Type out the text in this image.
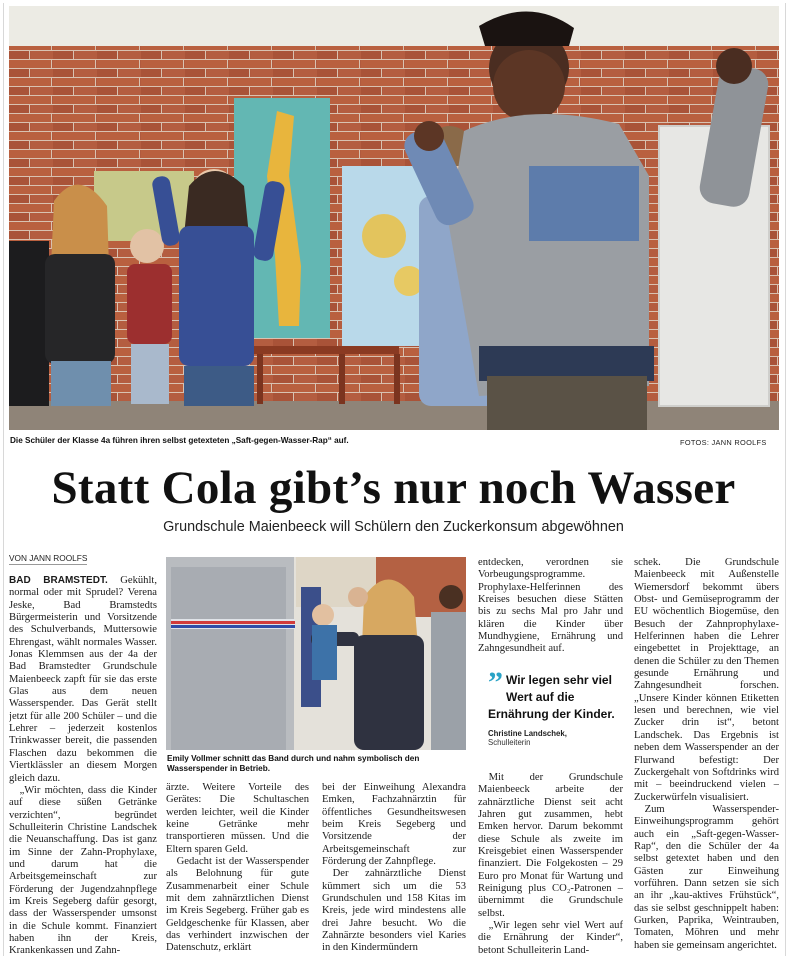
Die Schüler der Klasse 4a führen ihren selbst getexteten „Saft-gegen-Wasser-Rap“ auf.	FOTOS: JANN ROOLFS
Statt Cola gibt’s nur noch Wasser
Grundschule Maienbeeck will Schülern den Zuckerkonsum abgewöhnen
VON JANN ROOLFS

BAD BRAMSTEDT. Gekühlt, normal oder mit Sprudel? Verena Jeske, Bad Bramstedts Bürgermeisterin und Vorsitzende des Schulverbands, Muttersowie Ehrengast, wählt normales Wasser. Jonas Klemmsen aus der 4a der Bad Bramstedter Grundschule Maienbeeck zapft für sie das erste Glas aus dem neuen Wasserspender. Das Gerät stellt jetzt für alle 200 Schüler – und die Lehrer – jederzeit kostenlos Trinkwasser bereit, die passenden Flaschen dazu bekommen die Viertklässler an diesem Morgen gleich dazu.

„Wir möchten, dass die Kinder auf diese süßen Getränke verzichten“, begründet Schulleiterin Christine Landschek die Neuanschaffung. Das ist ganz im Sinne der Zahn-Prophylaxe, und darum hat die Arbeitsgemeinschaft zur Förderung der Jugendzahnpflege im Kreis Segeberg dafür gesorgt, dass der Wasserspender umsonst in die Schule kommt. Finanziert haben ihn der Kreis, Krankenkassen und Zahn-

Emily Vollmer schnitt das Band durch und nahm symbolisch den Wasserspender in Betrieb.

ärzte. Weitere Vorteile des Gerätes: Die Schultaschen werden leichter, weil die Kinder keine Getränke mehr transportieren müssen. Und die Eltern sparen Geld.

Gedacht ist der Wasserspender als Belohnung für gute Zusammenarbeit einer Schule mit dem zahnärztlichen Dienst im Kreis Segeberg. Früher gab es Geldgeschenke für Klassen, aber das verhindert inzwischen der Datenschutz, erklärt

bei der Einweihung Alexandra Emken, Fachzahnärztin für öffentliches Gesundheitswesen beim Kreis Segeberg und Vorsitzende der Arbeitsgemeinschaft zur Förderung der Zahnpflege.

Der zahnärztliche Dienst kümmert sich um die 53 Grundschulen und 158 Kitas im Kreis, jede wird mindestens alle drei Jahre besucht. Wo die Zahnärzte besonders viel Karies in den Kindermündern

entdecken, verordnen sie Vorbeugungsprogramme. Prophylaxe-Helferinnen des Kreises besuchen diese Stätten bis zu sechs Mal pro Jahr und klären die Kinder über Mundhygiene, Ernährung und Zahngesundheit auf.

” Wir legen sehr viel Wert auf die Ernährung der Kinder.
Christine Landschek,
Schulleiterin

Mit der Grundschule Maienbeeck arbeite der zahnärztliche Dienst seit acht Jahren gut zusammen, hebt Emken hervor. Darum bekommt diese Schule als zweite im Kreisgebiet einen Wasserspender finanziert. Die Folgekosten – 29 Euro pro Monat für Wartung und Reinigung plus CO₂-Patronen – übernimmt die Grundschule selbst.

„Wir legen sehr viel Wert auf die Ernährung der Kinder“, betont Schulleiterin Land-

schek. Die Grundschule Maienbeeck mit Außenstelle Wiemersdorf bekommt übers Obst- und Gemüseprogramm der EU wöchentlich Biogemüse, den Besuch der Zahnprophylaxe-Helferinnen haben die Lehrer eingebettet in Projekttage, an denen die Schüler zu den Themen gesunde Ernährung und Zahngesundheit forschen. „Unsere Kinder können Etiketten lesen und berechnen, wie viel Zucker drin ist“, betont Landschek. Das Ergebnis ist neben dem Wasserspender an der Flurwand befestigt: Der Zuckergehalt von Softdrinks wird mit – beeindruckend vielen – Zuckerwürfeln visualisiert.

Zum Wasserspender-Einweihungsprogramm gehört auch ein „Saft-gegen-Wasser-Rap“, den die Schüler der 4a selbst getextet haben und den Gästen zur Einweihung vorführen. Dann setzen sie sich an ihr „kau-aktives Frühstück“, das sie selbst geschnippelt haben: Gurken, Paprika, Weintrauben, Tomaten, Möhren und mehr haben sie gemeinsam angerichtet.
